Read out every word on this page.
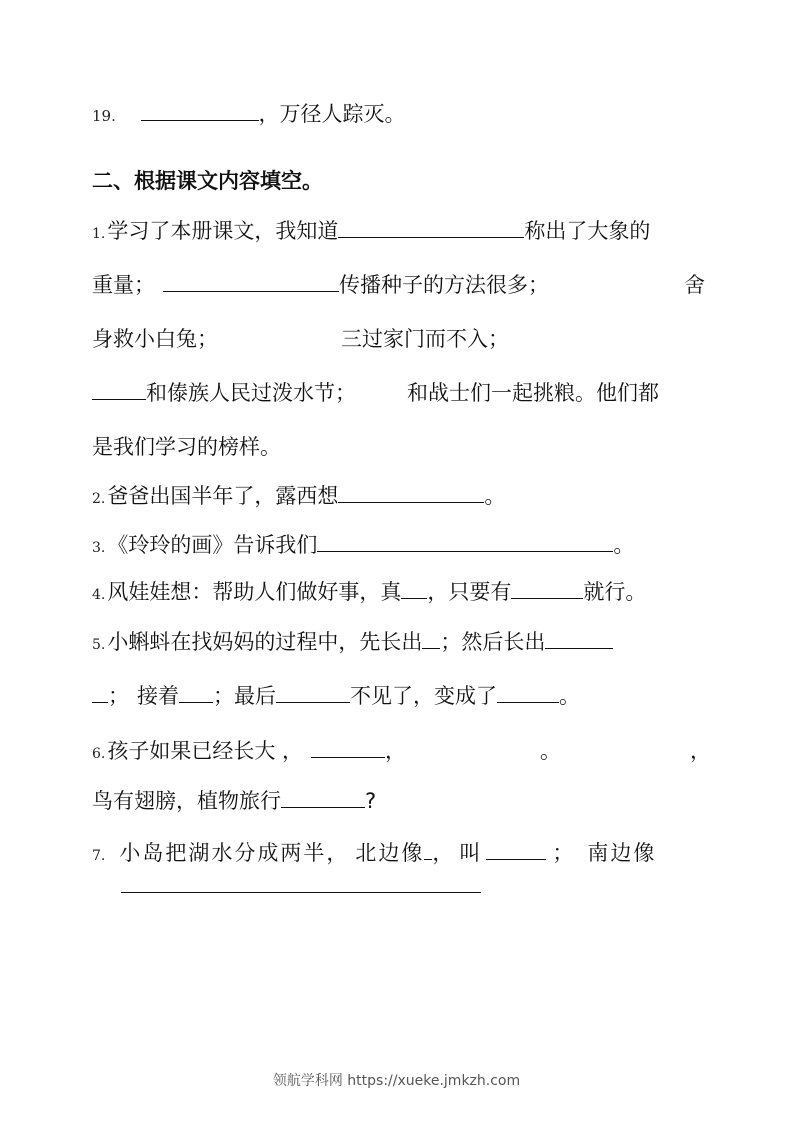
19.	，万径人踪灭。
二、根据课文内容填空。
1.学习了本册课文，我知道	称出了大象的
重量；	传播种子的方法很多；	舍
身救小白兔；	三过家门而不入；
和傣族人民过泼水节； 和战士们一起挑粮。他们都
是我们学习的榜样。
2.爸爸出国半年了，露西想	。
3.《玲玲的画》告诉我们	。
4.风娃娃想：帮助人们做好事，真 ，只要有	就行。
5.小蝌蚪在找妈妈的过程中，先长出 ；然后长出
； 接着 ；最后	不见了，变成了	。
6.孩子如果已经长大 ，	，	。	，
鸟有翅膀，植物旅行	?
7. 小岛把湖水分成两半， 北边像 ， 叫	； 南边像
领航学科网 https://xueke.jmkzh.com
